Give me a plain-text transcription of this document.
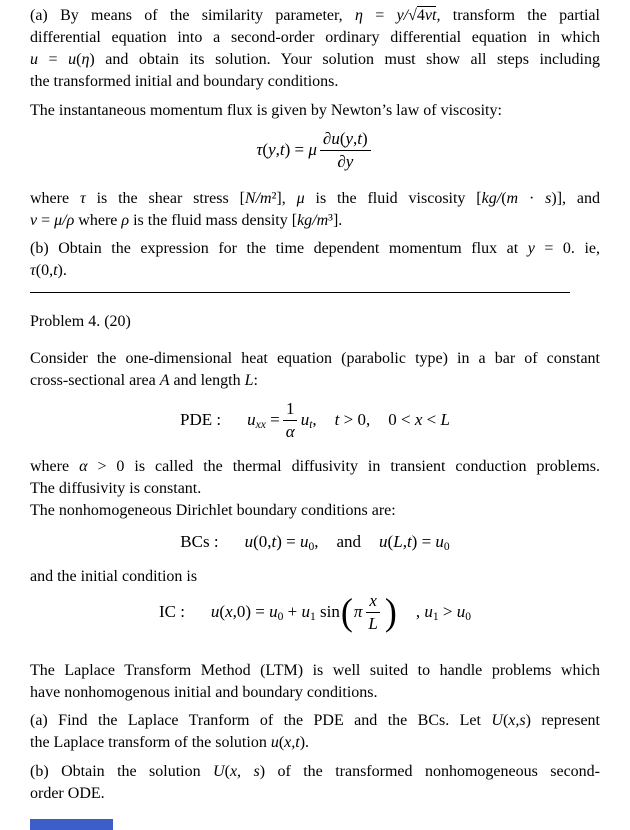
(a) By means of the similarity parameter, η = y/√4νt, transform the partial
differential equation into a second-order ordinary differential equation in which
u = u(η) and obtain its solution. Your solution must show all steps including
the transformed initial and boundary conditions.
The instantaneous momentum flux is given by Newton’s law of viscosity:
τ(y,t) = μ $\frac{\partial u(y,t)}{\partial y}$
where τ is the shear stress [N/m²], μ is the fluid viscosity [kg/(m · s)], and
ν = μ/ρ where ρ is the fluid mass density [kg/m³].
(b) Obtain the expression for the time dependent momentum flux at y = 0. ie,
τ(0,t).
Problem 4. (20)
Consider the one-dimensional heat equation (parabolic type) in a bar of constant
cross-sectional area A and length L:
PDE : uxx = $\frac{1}{\alpha}$ ut, t > 0, 0 < x < L
where α > 0 is called the thermal diffusivity in transient conduction problems.
The diffusivity is constant.
The nonhomogeneous Dirichlet boundary conditions are:
BCs : u(0,t) = u0, and u(L,t) = u0
and the initial condition is
IC : u(x,0) = u0 + u1 sin ( π $\frac{x}{L}$ ) , u1 > u0
The Laplace Transform Method (LTM) is well suited to handle problems which
have nonhomogenous initial and boundary conditions.
(a) Find the Laplace Tranform of the PDE and the BCs. Let U(x,s) represent
the Laplace transform of the solution u(x,t).
(b) Obtain the solution U(x, s) of the transformed nonhomogeneous second-
order ODE.
